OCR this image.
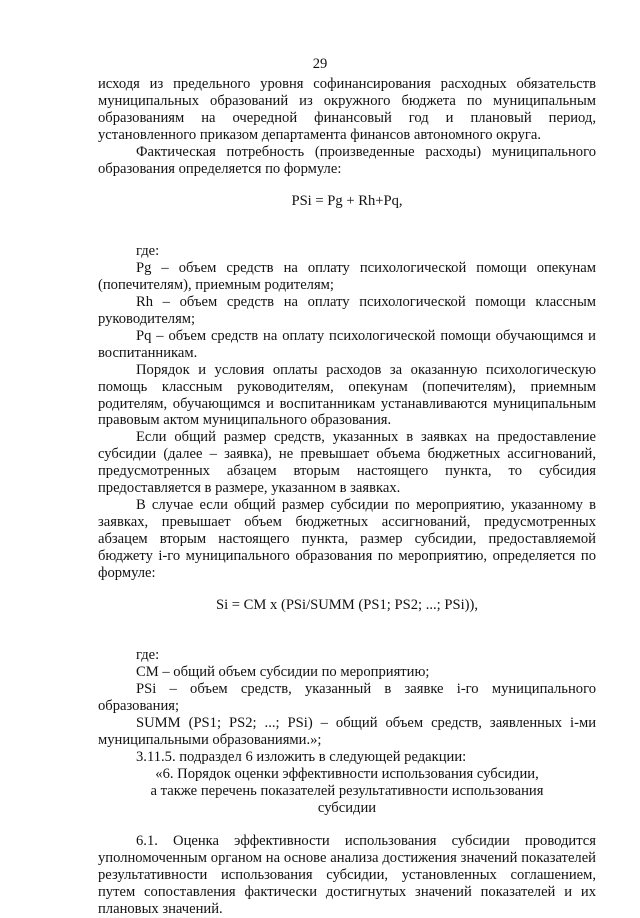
29

исходя из предельного уровня софинансирования расходных обязательств муниципальных образований из окружного бюджета по муниципальным образованиям на очередной финансовый год и плановый период, установленного приказом департамента финансов автономного округа.

Фактическая потребность (произведенные расходы) муниципального образования определяется по формуле:

PSi = Pg + Rh+Pq,

где:

Pg – объем средств на оплату психологической помощи опекунам (попечителям), приемным родителям;

Rh – объем средств на оплату психологической помощи классным руководителям;

Pq – объем средств на оплату психологической помощи обучающимся и воспитанникам.

Порядок и условия оплаты расходов за оказанную психологическую помощь классным руководителям, опекунам (попечителям), приемным родителям, обучающимся и воспитанникам устанавливаются муниципальным правовым актом муниципального образования.

Если общий размер средств, указанных в заявках на предоставление субсидии (далее – заявка), не превышает объема бюджетных ассигнований, предусмотренных абзацем вторым настоящего пункта, то субсидия предоставляется в размере, указанном в заявках.

В случае если общий размер субсидии по мероприятию, указанному в заявках, превышает объем бюджетных ассигнований, предусмотренных абзацем вторым настоящего пункта, размер субсидии, предоставляемой бюджету i-го муниципального образования по мероприятию, определяется по формуле:

Si = СМ х (PSi/SUMM (PS1; PS2; ...; PSi)),

где:

СМ – общий объем субсидии по мероприятию;

PSi – объем средств, указанный в заявке i-го муниципального образования;

SUMM (PS1; PS2; ...; PSi) – общий объем средств, заявленных i-ми муниципальными образованиями.»;

3.11.5. подраздел 6 изложить в следующей редакции:

«6. Порядок оценки эффективности использования субсидии,

а также перечень показателей результативности использования

субсидии

6.1. Оценка эффективности использования субсидии проводится уполномоченным органом на основе анализа достижения значений показателей результативности использования субсидии, установленных соглашением, путем сопоставления фактически достигнутых значений показателей и их плановых значений.
